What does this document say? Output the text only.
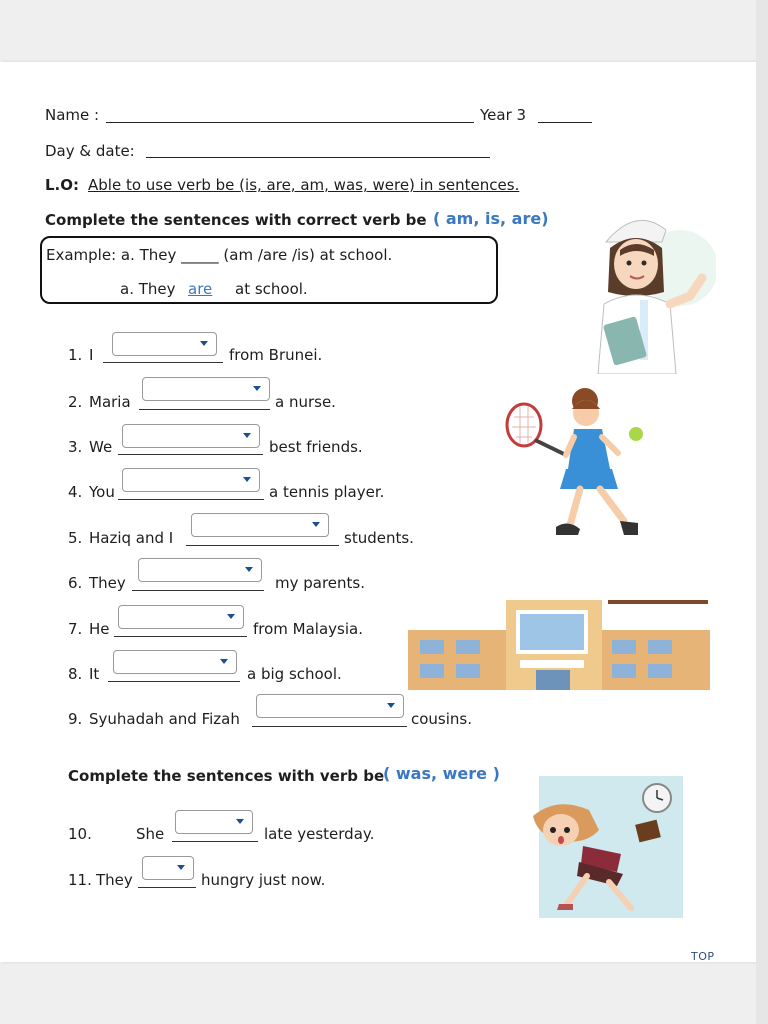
Name :	Year 3
Day & date:
L.O: Able to use verb be (is, are, am, was, were) in sentences.
Complete the sentences with correct verb be ( am, is, are)
Example: a. They _____ (am /are /is) at school.
a. They are at school.
1. I	from Brunei.
2. Maria	a nurse.
3. We	best friends.
4. You	a tennis player.
5. Haziq and I	students.
6. They	my parents.
7. He	from Malaysia.
8. It	a big school.
9. Syuhadah and Fizah	cousins.
Complete the sentences with verb be
( was, were )
10.	She	late yesterday.
11. They	hungry just now.
TOP
